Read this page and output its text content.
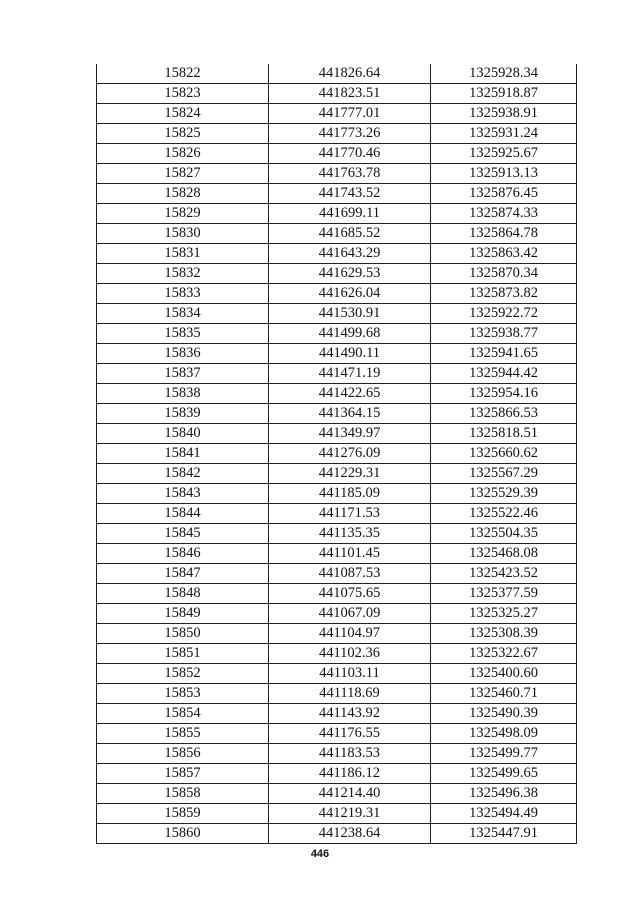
15822	441826.64	1325928.34
15823	441823.51	1325918.87
15824	441777.01	1325938.91
15825	441773.26	1325931.24
15826	441770.46	1325925.67
15827	441763.78	1325913.13
15828	441743.52	1325876.45
15829	441699.11	1325874.33
15830	441685.52	1325864.78
15831	441643.29	1325863.42
15832	441629.53	1325870.34
15833	441626.04	1325873.82
15834	441530.91	1325922.72
15835	441499.68	1325938.77
15836	441490.11	1325941.65
15837	441471.19	1325944.42
15838	441422.65	1325954.16
15839	441364.15	1325866.53
15840	441349.97	1325818.51
15841	441276.09	1325660.62
15842	441229.31	1325567.29
15843	441185.09	1325529.39
15844	441171.53	1325522.46
15845	441135.35	1325504.35
15846	441101.45	1325468.08
15847	441087.53	1325423.52
15848	441075.65	1325377.59
15849	441067.09	1325325.27
15850	441104.97	1325308.39
15851	441102.36	1325322.67
15852	441103.11	1325400.60
15853	441118.69	1325460.71
15854	441143.92	1325490.39
15855	441176.55	1325498.09
15856	441183.53	1325499.77
15857	441186.12	1325499.65
15858	441214.40	1325496.38
15859	441219.31	1325494.49
15860	441238.64	1325447.91
446
